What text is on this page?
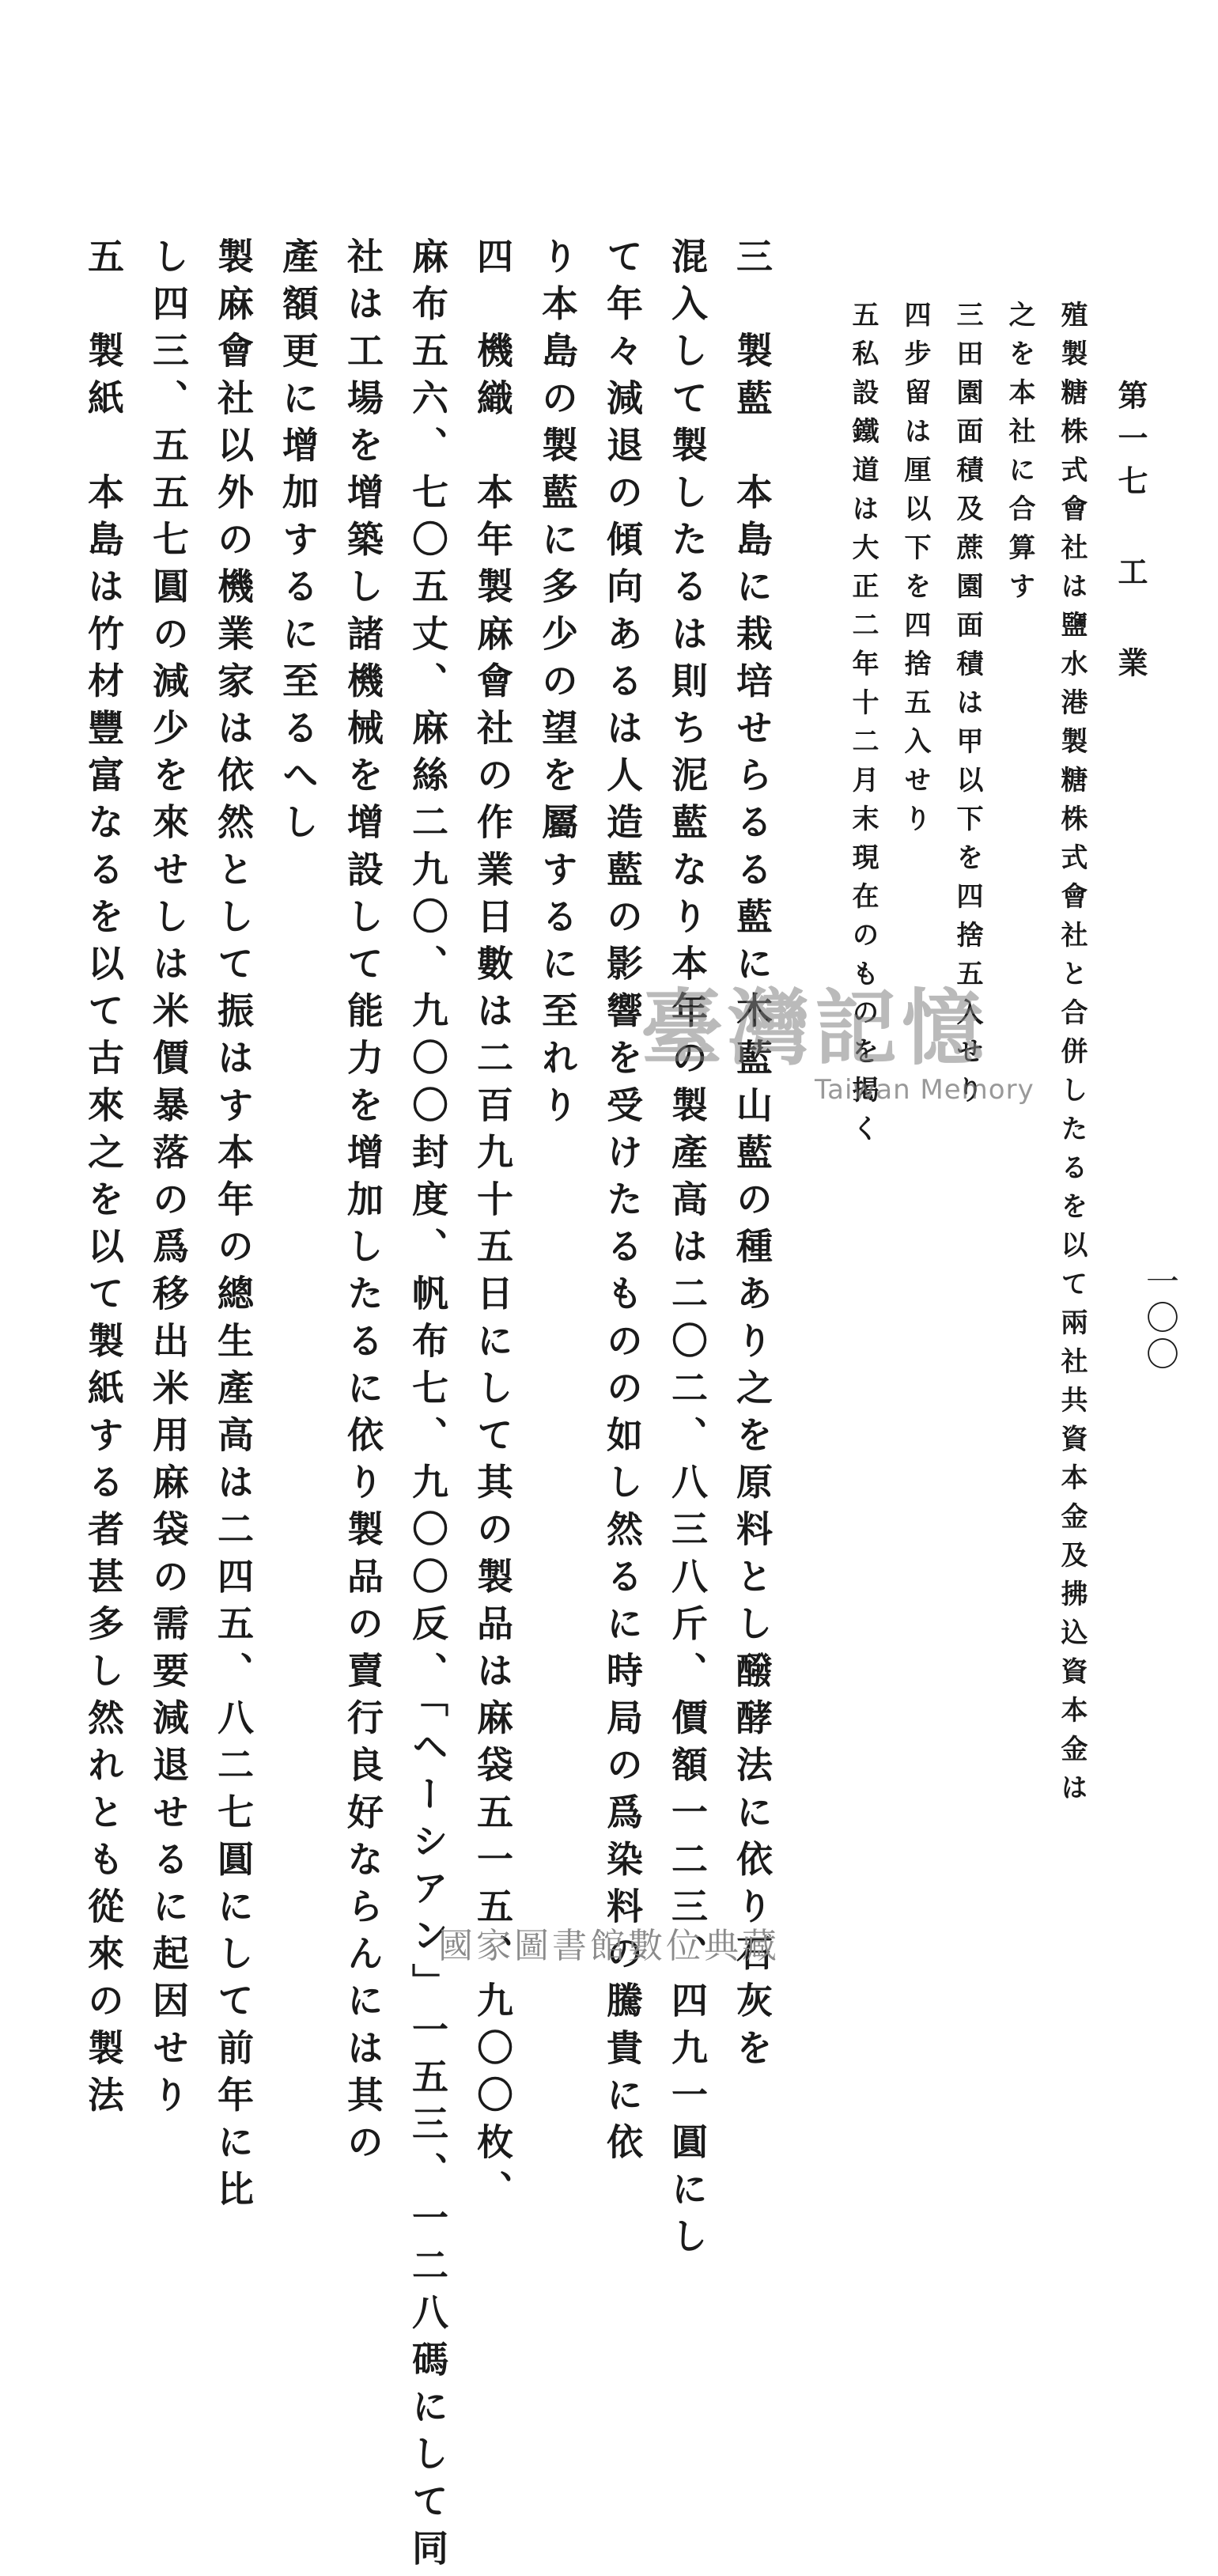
第一七 工 業
一〇〇
殖製糖株式會社は鹽水港製糖株式會社と合併したるを以て兩社共資本金及拂込資本金は
之を本社に合算す
三田園面積及蔗園面積は甲以下を四捨五入せり
四步留は厘以下を四捨五入せり
五私設鐵道は大正二年十二月末現在のものを掲く
三　製藍　本島に栽培せらるる藍に木藍山藍の種あり之を原料とし醱酵法に依り石灰を
混入して製したるは則ち泥藍なり本年の製產高は二〇二、八三八斤、價額一二三、四九一圓にし
て年々減退の傾向あるは人造藍の影響を受けたるものの如し然るに時局の爲染料の騰貴に依
り本島の製藍に多少の望を屬するに至れり
四　機織　本年製麻會社の作業日數は二百九十五日にして其の製品は麻袋五一五、九〇〇枚、
麻布五六、七〇五丈、麻絲二九〇、九〇〇封度、帆布七、九〇〇反、「ヘーシアン」一五三、一二八碼にして同
社は工場を增築し諸機械を增設して能力を增加したるに依り製品の賣行良好ならんには其の
產額更に增加するに至るへし
製麻會社以外の機業家は依然として振はす本年の總生產高は二四五、八二七圓にして前年に比
し四三、五五七圓の減少を來せしは米價暴落の爲移出米用麻袋の需要減退せるに起因せり
五　製紙　本島は竹材豐富なるを以て古來之を以て製紙する者甚多し然れとも從來の製法	臺灣記憶
Taiwan Memory
國家圖書館數位典藏
